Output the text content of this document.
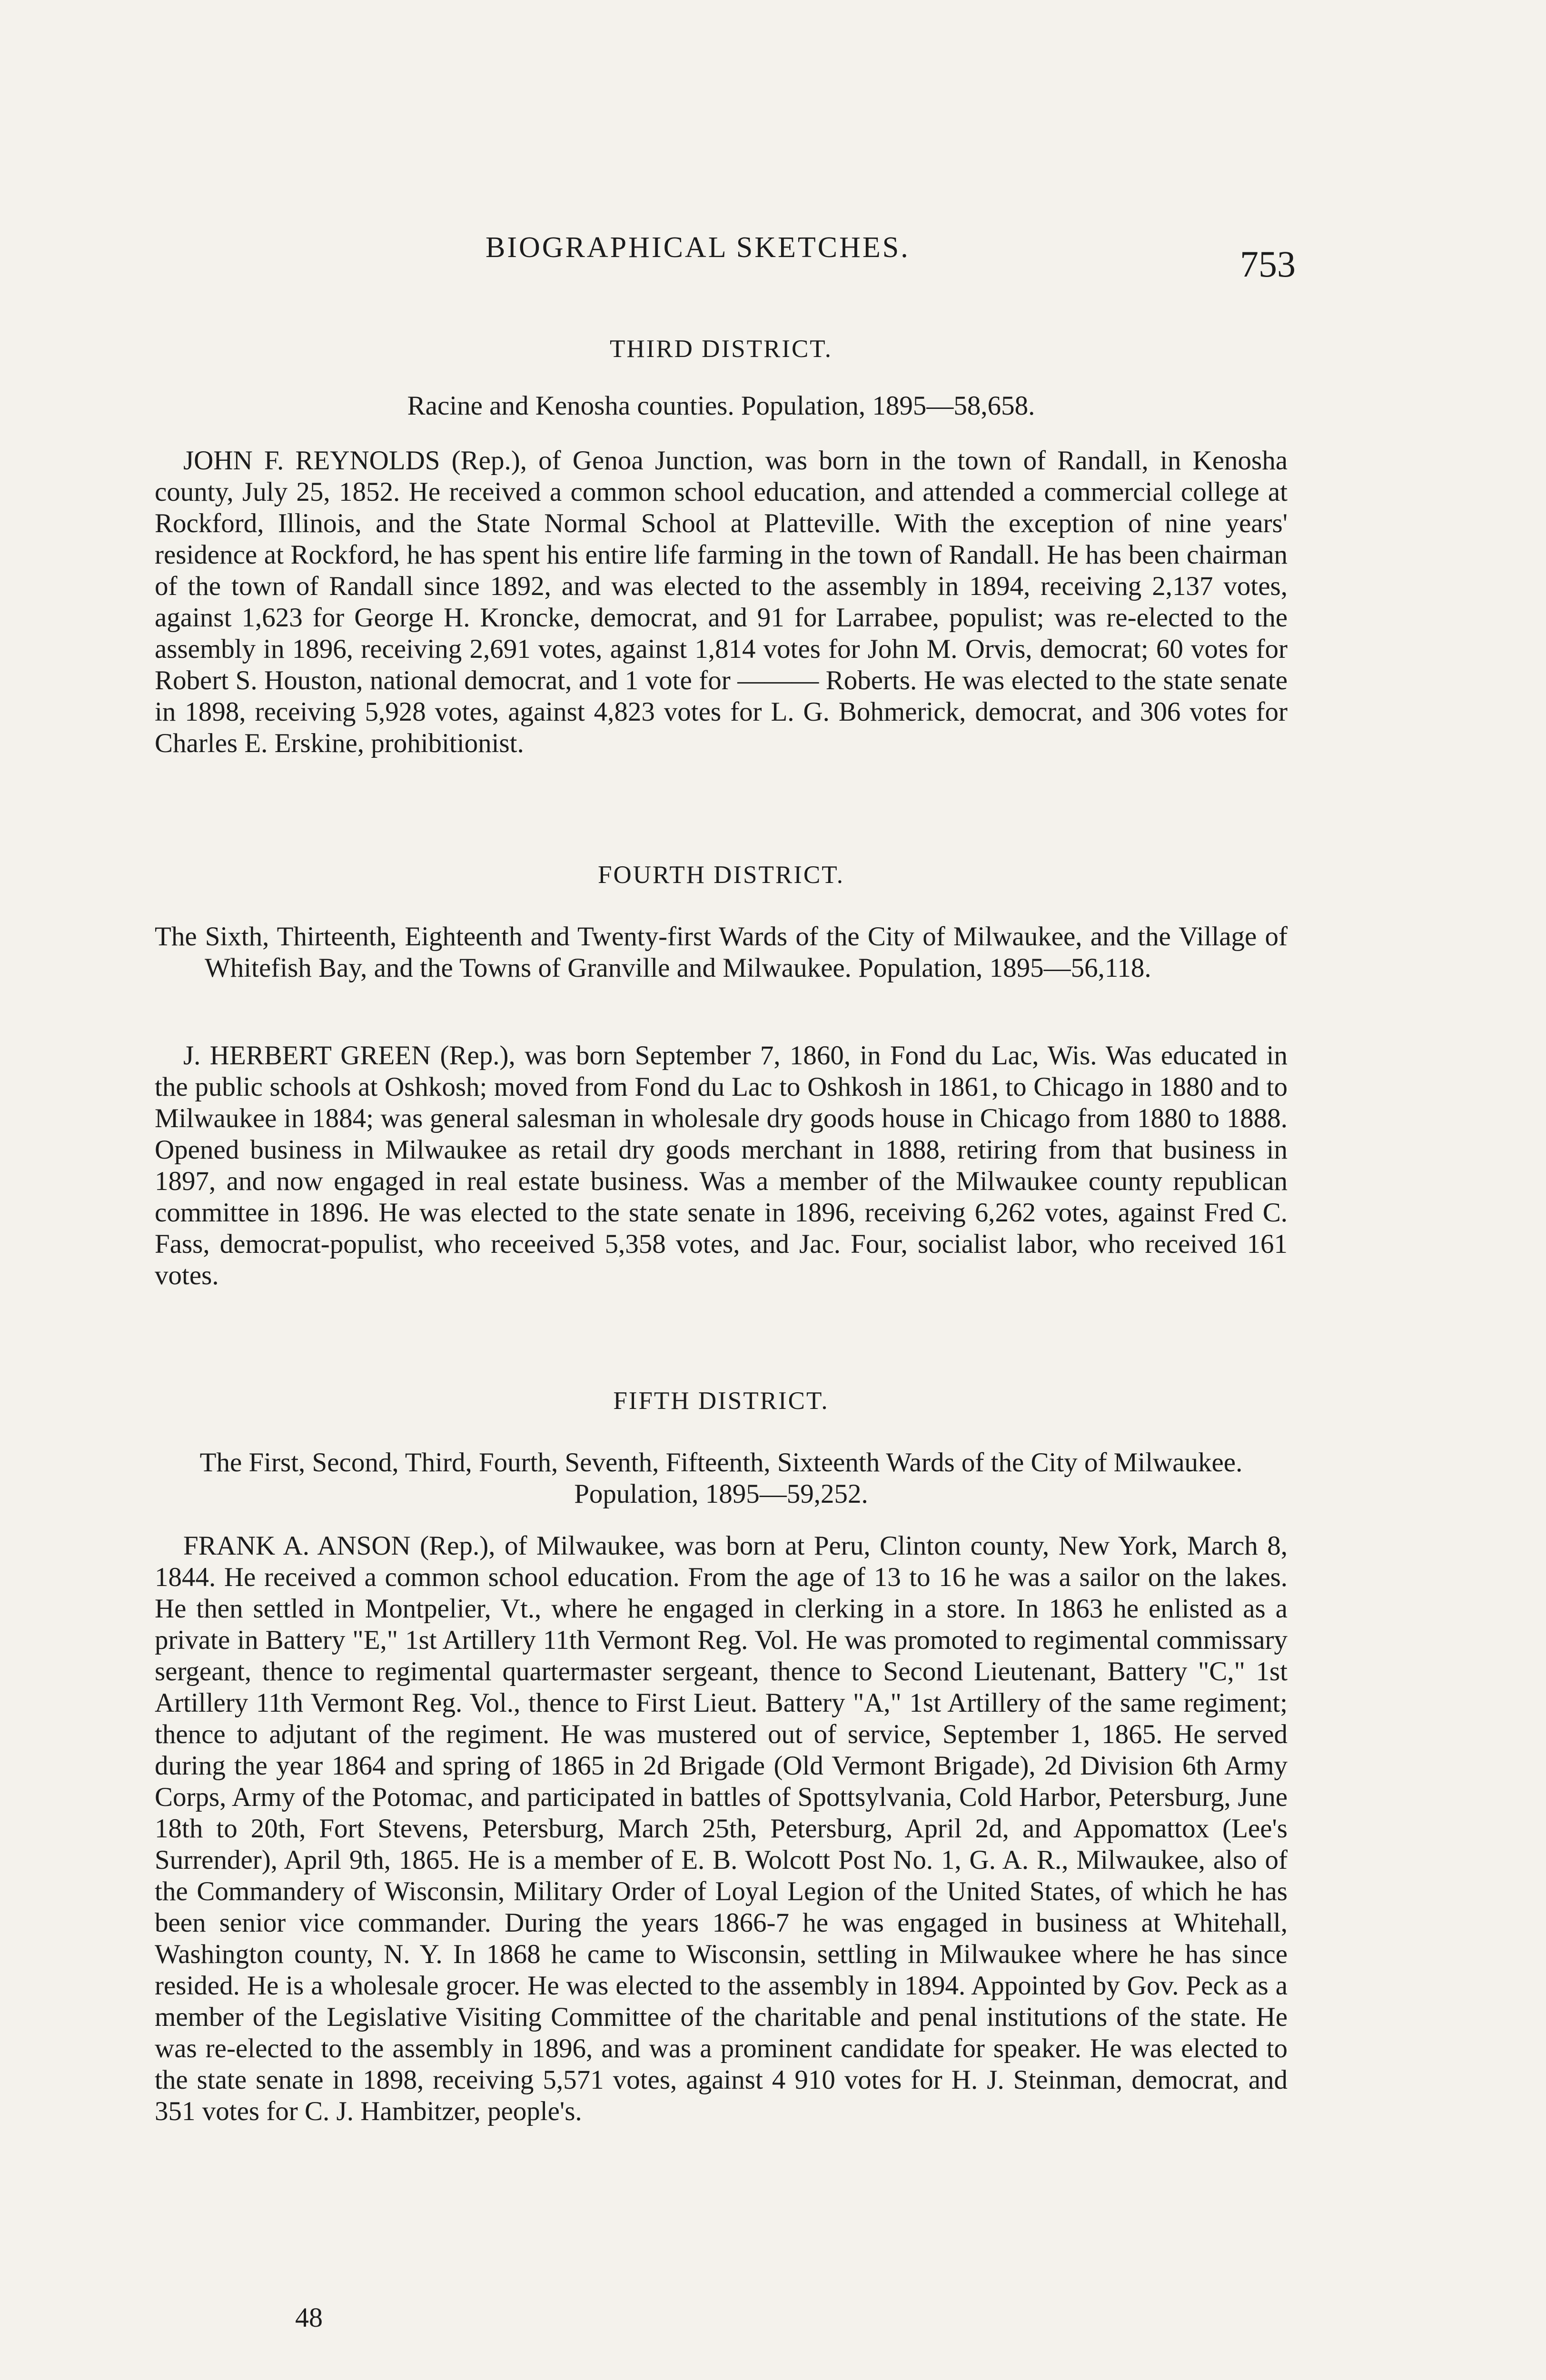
BIOGRAPHICAL SKETCHES.	753
THIRD DISTRICT.
Racine and Kenosha counties. Population, 1895—58,658.

JOHN F. REYNOLDS (Rep.), of Genoa Junction, was born in the town of Randall, in Kenosha county, July 25, 1852. He received a common school education, and attended a commercial college at Rockford, Illinois, and the State Normal School at Platteville. With the exception of nine years' residence at Rockford, he has spent his entire life farming in the town of Randall. He has been chairman of the town of Randall since 1892, and was elected to the assembly in 1894, receiving 2,137 votes, against 1,623 for George H. Kroncke, democrat, and 91 for Larrabee, populist; was re-elected to the assembly in 1896, receiving 2,691 votes, against 1,814 votes for John M. Orvis, democrat; 60 votes for Robert S. Houston, national democrat, and 1 vote for ——— Roberts. He was elected to the state senate in 1898, receiving 5,928 votes, against 4,823 votes for L. G. Bohmerick, democrat, and 306 votes for Charles E. Erskine, prohibitionist.

FOURTH DISTRICT.
The Sixth, Thirteenth, Eighteenth and Twenty-first Wards of the City of Milwaukee, and the Village of Whitefish Bay, and the Towns of Granville and Milwaukee. Population, 1895—56,118.

J. HERBERT GREEN (Rep.), was born September 7, 1860, in Fond du Lac, Wis. Was educated in the public schools at Oshkosh; moved from Fond du Lac to Oshkosh in 1861, to Chicago in 1880 and to Milwaukee in 1884; was general salesman in wholesale dry goods house in Chicago from 1880 to 1888. Opened business in Milwaukee as retail dry goods merchant in 1888, retiring from that business in 1897, and now engaged in real estate business. Was a member of the Milwaukee county republican committee in 1896. He was elected to the state senate in 1896, receiving 6,262 votes, against Fred C. Fass, democrat-populist, who receeived 5,358 votes, and Jac. Four, socialist labor, who received 161 votes.

FIFTH DISTRICT.
The First, Second, Third, Fourth, Seventh, Fifteenth, Sixteenth Wards of the City of Milwaukee. Population, 1895—59,252.

FRANK A. ANSON (Rep.), of Milwaukee, was born at Peru, Clinton county, New York, March 8, 1844. He received a common school education. From the age of 13 to 16 he was a sailor on the lakes. He then settled in Montpelier, Vt., where he engaged in clerking in a store. In 1863 he enlisted as a private in Battery "E," 1st Artillery 11th Vermont Reg. Vol. He was promoted to regimental commissary sergeant, thence to regimental quartermaster sergeant, thence to Second Lieutenant, Battery "C," 1st Artillery 11th Vermont Reg. Vol., thence to First Lieut. Battery "A," 1st Artillery of the same regiment; thence to adjutant of the regiment. He was mustered out of service, September 1, 1865. He served during the year 1864 and spring of 1865 in 2d Brigade (Old Vermont Brigade), 2d Division 6th Army Corps, Army of the Potomac, and participated in battles of Spottsylvania, Cold Harbor, Petersburg, June 18th to 20th, Fort Stevens, Petersburg, March 25th, Petersburg, April 2d, and Appomattox (Lee's Surrender), April 9th, 1865. He is a member of E. B. Wolcott Post No. 1, G. A. R., Milwaukee, also of the Commandery of Wisconsin, Military Order of Loyal Legion of the United States, of which he has been senior vice commander. During the years 1866-7 he was engaged in business at Whitehall, Washington county, N. Y. In 1868 he came to Wisconsin, settling in Milwaukee where he has since resided. He is a wholesale grocer. He was elected to the assembly in 1894. Appointed by Gov. Peck as a member of the Legislative Visiting Committee of the charitable and penal institutions of the state. He was re-elected to the assembly in 1896, and was a prominent candidate for speaker. He was elected to the state senate in 1898, receiving 5,571 votes, against 4 910 votes for H. J. Steinman, democrat, and 351 votes for C. J. Hambitzer, people's.

48
